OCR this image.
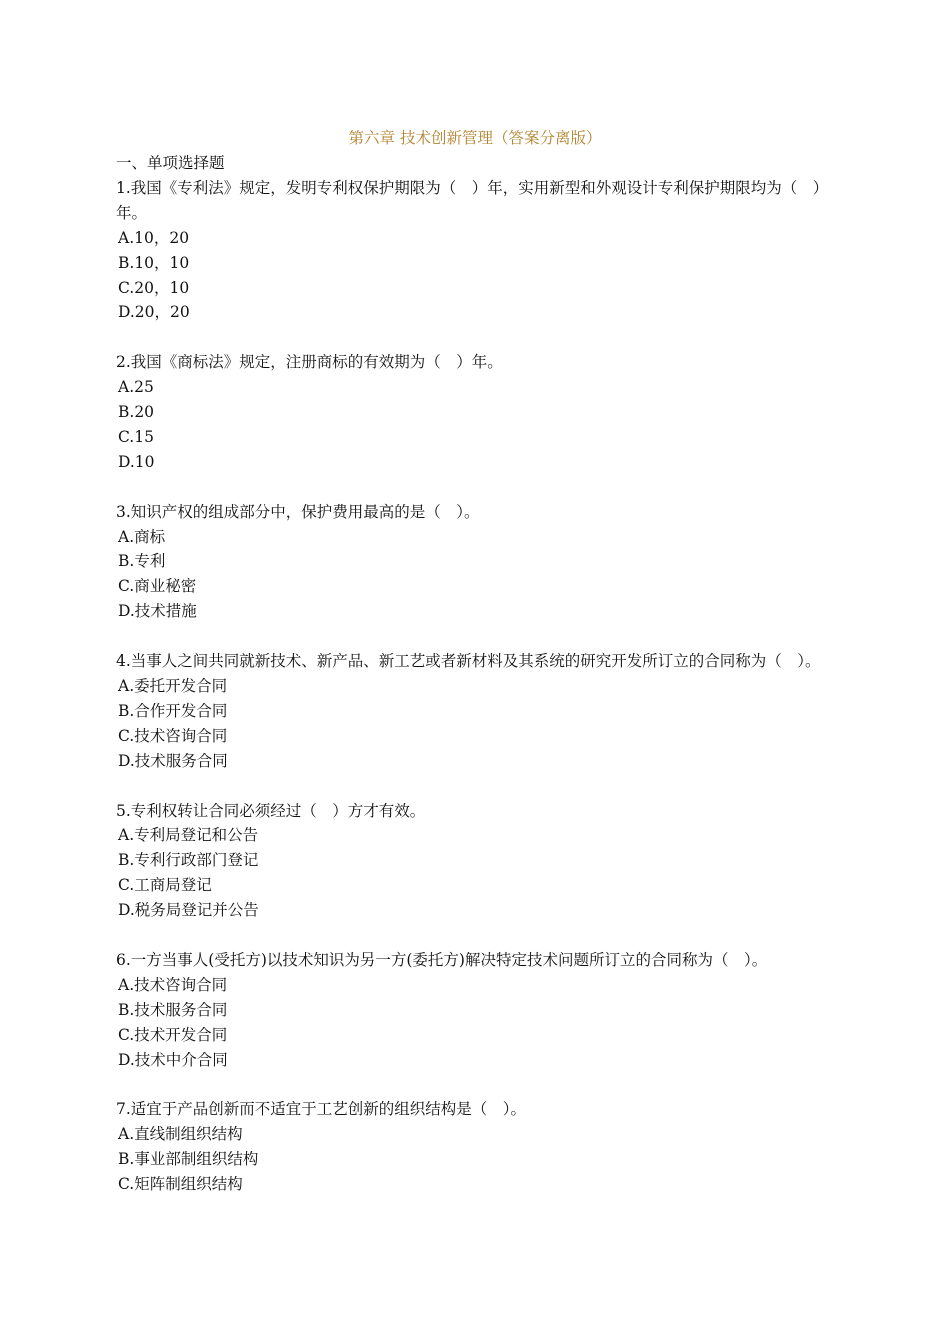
第六章 技术创新管理（答案分离版）

一、单项选择题

1.我国《专利法》规定，发明专利权保护期限为（　）年，实用新型和外观设计专利保护期限均为（　）年。

A.10，20
B.10，10
C.20，10
D.20，20

2.我国《商标法》规定，注册商标的有效期为（　）年。

A.25
B.20
C.15
D.10

3.知识产权的组成部分中，保护费用最高的是（　）。

A.商标
B.专利
C.商业秘密
D.技术措施

4.当事人之间共同就新技术、新产品、新工艺或者新材料及其系统的研究开发所订立的合同称为（　）。

A.委托开发合同
B.合作开发合同
C.技术咨询合同
D.技术服务合同

5.专利权转让合同必须经过（　）方才有效。

A.专利局登记和公告
B.专利行政部门登记
C.工商局登记
D.税务局登记并公告

6.一方当事人(受托方)以技术知识为另一方(委托方)解决特定技术问题所订立的合同称为（　）。

A.技术咨询合同
B.技术服务合同
C.技术开发合同
D.技术中介合同

7.适宜于产品创新而不适宜于工艺创新的组织结构是（　）。

A.直线制组织结构
B.事业部制组织结构
C.矩阵制组织结构
